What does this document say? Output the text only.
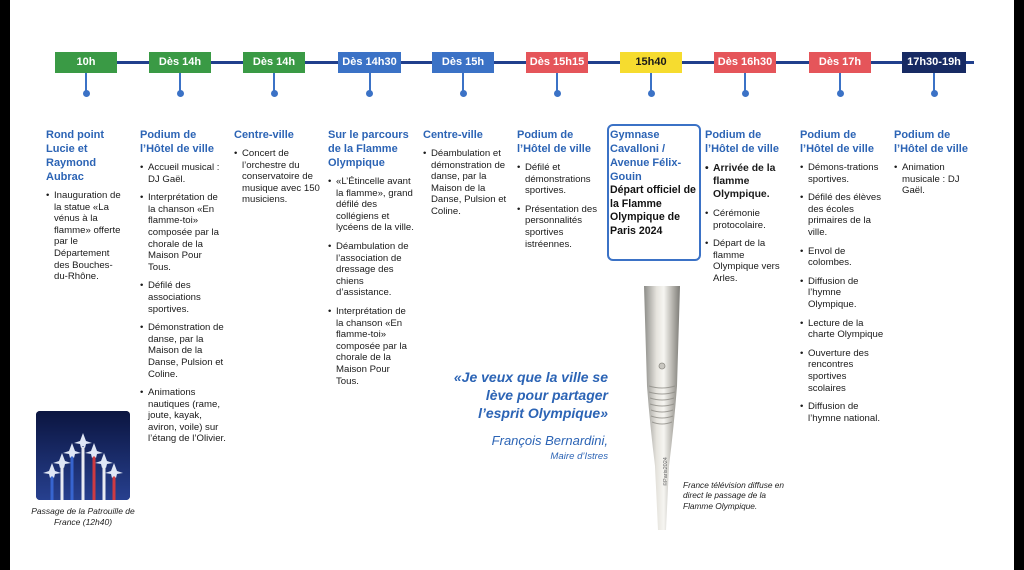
10h
Rond point Lucie et Raymond Aubrac
• Inauguration de la statue «La vénus à la flamme» offerte par le Département des Bouches-du-Rhône.
Dès 14h
Podium de l’Hôtel de ville
• Accueil musical : DJ Gaël.
• Interprétation de la chanson «En flamme-toi» composée par la chorale de la Maison Pour Tous.
• Défilé des associations sportives.
• Démonstration de danse, par la Maison de la Danse, Pulsion et Coline.
• Animations nautiques (rame, joute, kayak, aviron, voile) sur l’étang de l’Olivier.
Dès 14h
Centre-ville
• Concert de l’orchestre du conservatoire de musique avec 150 musiciens.
Dès 14h30
Sur le parcours de la Flamme Olympique
• «L’Étincelle avant la flamme», grand défilé des collégiens et lycéens de la ville.
• Déambulation de l’association de dressage des chiens d’assistance.
• Interprétation de la chanson «En flamme-toi» composée par la chorale de la Maison Pour Tous.
Dès 15h
Centre-ville
• Déambulation et démonstration de danse, par la Maison de la Danse, Pulsion et Coline.
Dès 15h15
Podium de l’Hôtel de ville
• Défilé et démonstrations sportives.
• Présentation des personnalités sportives istréennes.
15h40
Gymnase Cavalloni / Avenue Félix-Gouin
Départ officiel de la Flamme Olympique de Paris 2024
Dès 16h30
Podium de l’Hôtel de ville
• Arrivée de la flamme Olympique.
• Cérémonie protocolaire.
• Départ de la flamme Olympique vers Arles.
Dès 17h
Podium de l’Hôtel de ville
• Démons-trations sportives.
• Défilé des élèves des écoles primaires de la ville.
• Envol de colombes.
• Diffusion de l’hymne Olympique.
• Lecture de la charte Olympique
• Ouverture des rencontres sportives scolaires
• Diffusion de l’hymne national.
17h30-19h
Podium de l’Hôtel de ville
• Animation musicale : DJ Gaël.
Passage de la Patrouille de France (12h40)
«Je veux que la ville se lève pour partager l’esprit Olympique»
François Bernardini,
Maire d’Istres
©Paris2024 France télévision diffuse en direct le passage de la Flamme Olympique.
